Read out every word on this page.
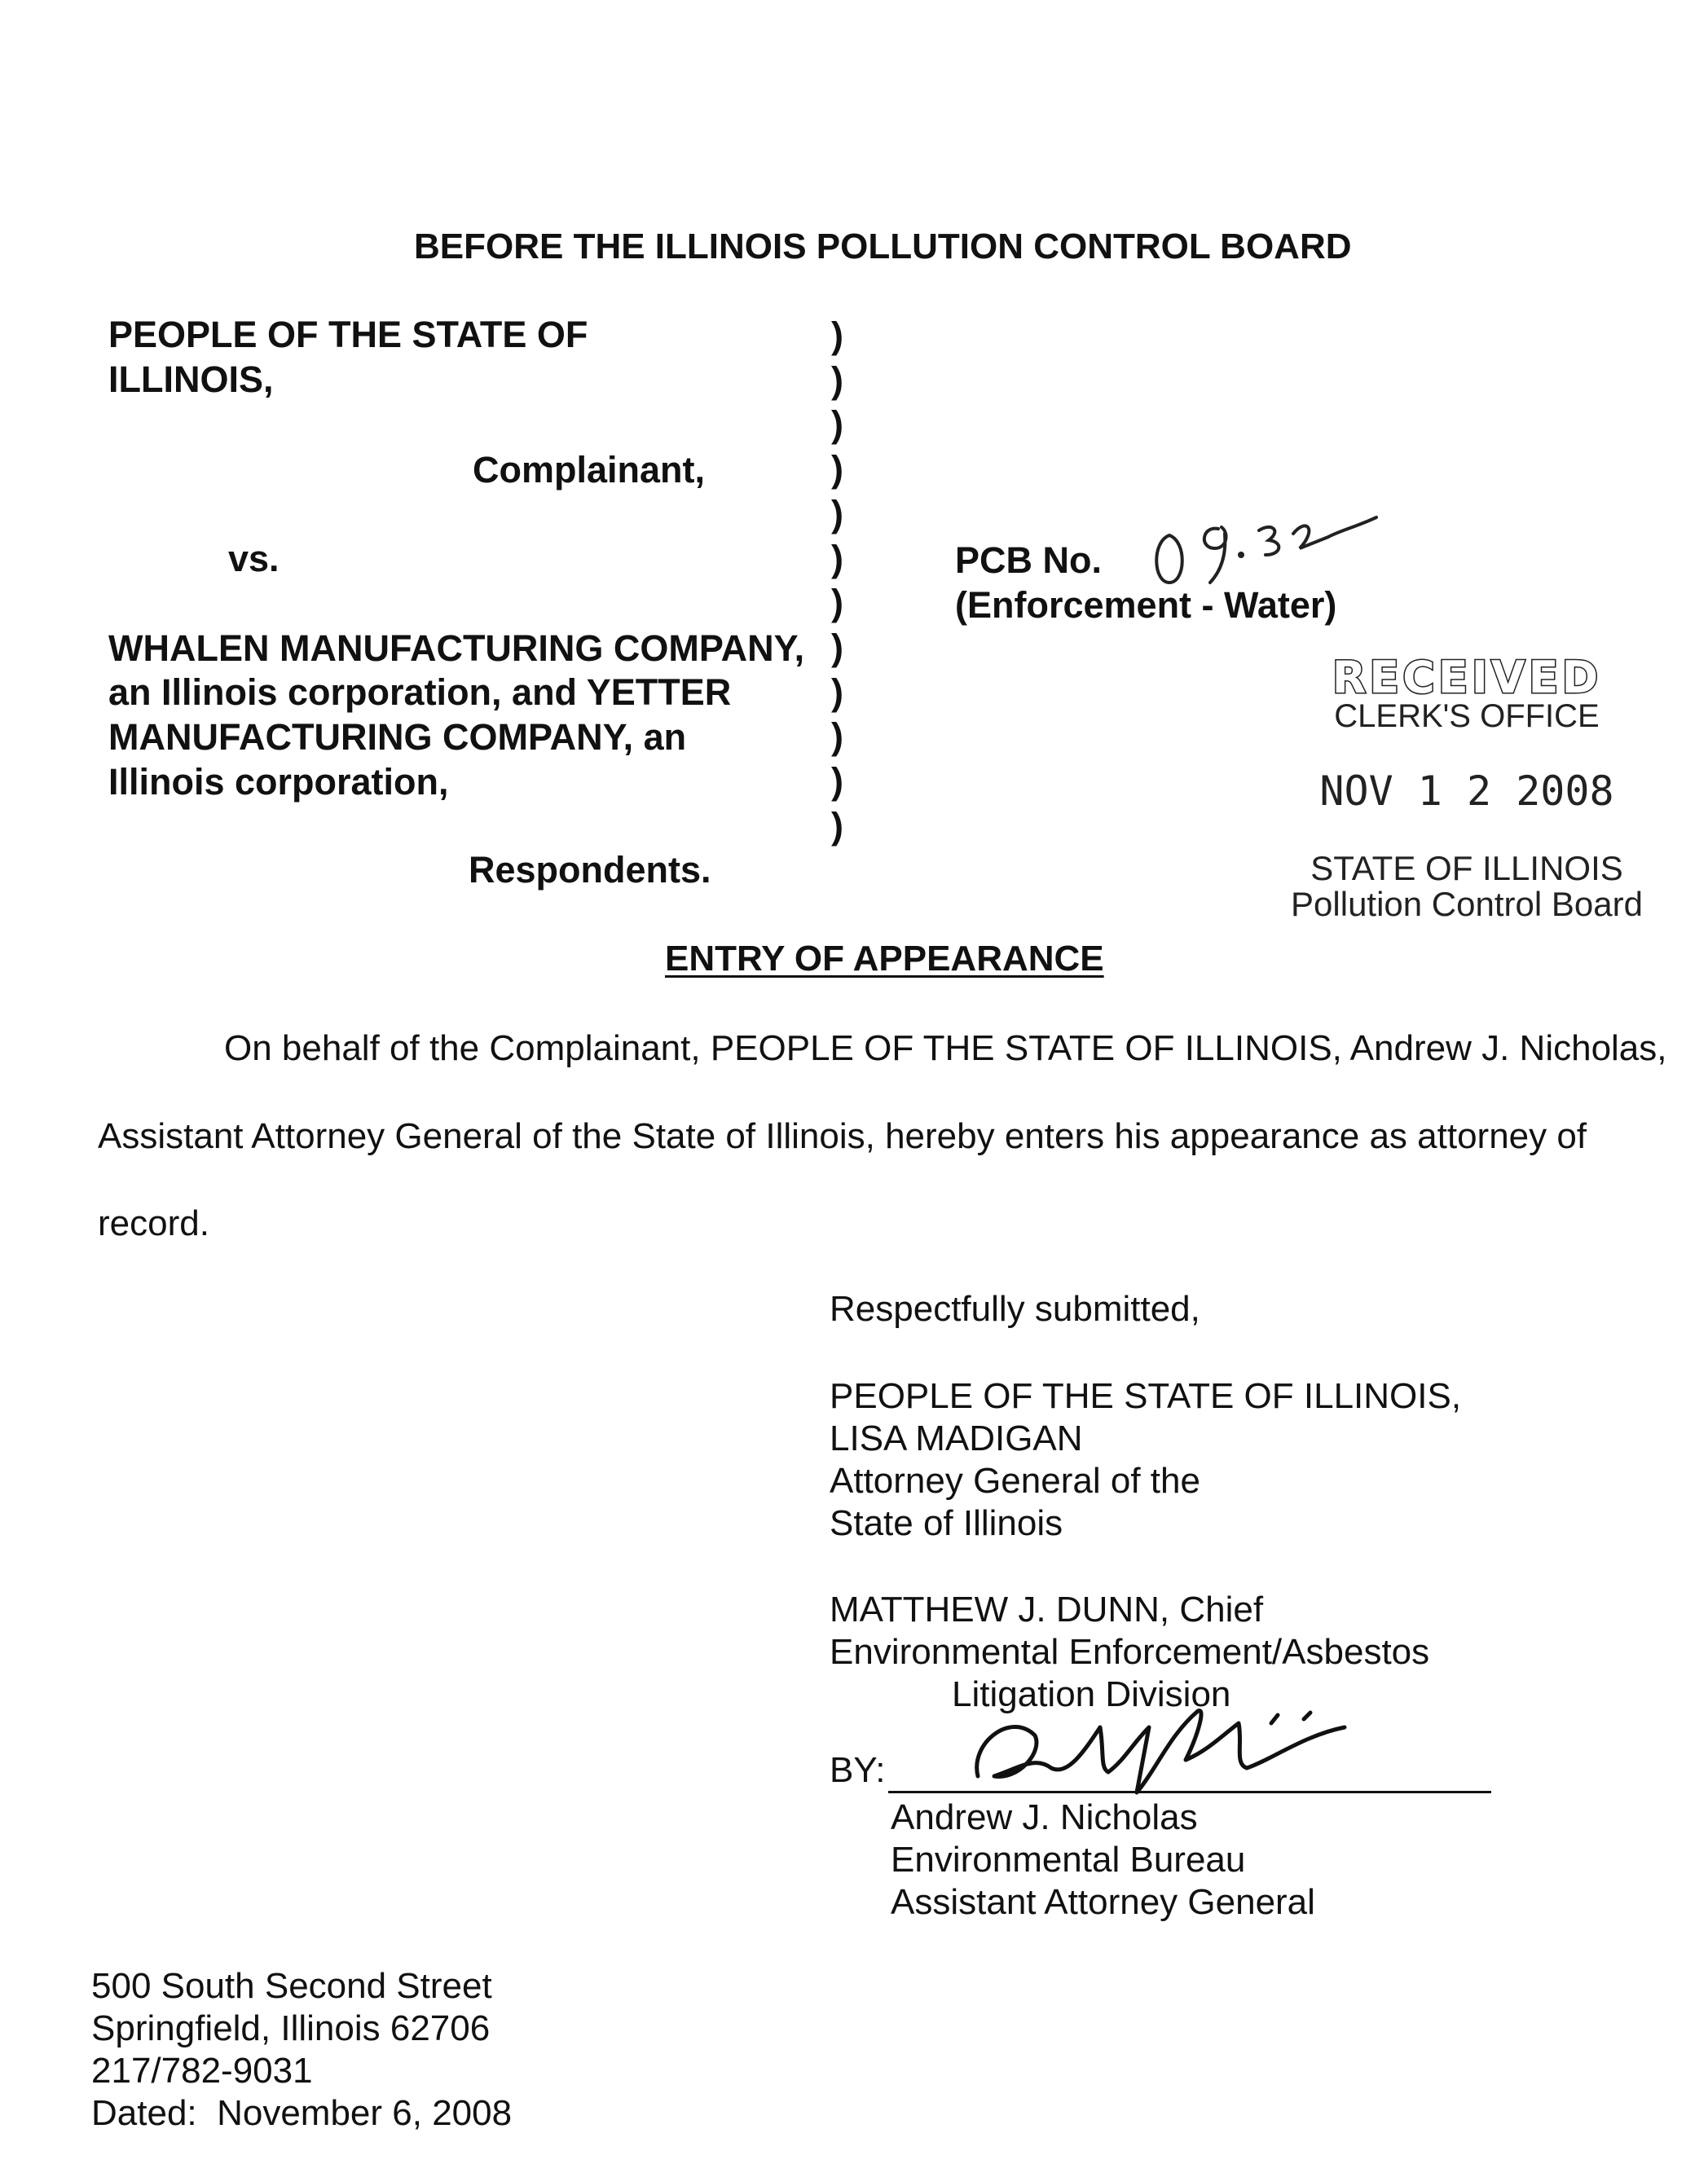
BEFORE THE ILLINOIS POLLUTION CONTROL BOARD
PEOPLE OF THE STATE OF
ILLINOIS,
Complainant,
vs.
WHALEN MANUFACTURING COMPANY,
an Illinois corporation, and YETTER
MANUFACTURING COMPANY, an
Illinois corporation,
Respondents.
)
)
)
)
)
)
)
)
)
)
)
)
PCB No.
(Enforcement - Water)
RECEIVED
CLERK'S OFFICE
NOV 1 2 2008
STATE OF ILLINOIS
Pollution Control Board
ENTRY OF APPEARANCE
On behalf of the Complainant, PEOPLE OF THE STATE OF ILLINOIS, Andrew J. Nicholas,
Assistant Attorney General of the State of Illinois, hereby enters his appearance as attorney of
record.
Respectfully submitted,
PEOPLE OF THE STATE OF ILLINOIS,
LISA MADIGAN
Attorney General of the
State of Illinois
MATTHEW J. DUNN, Chief
Environmental Enforcement/Asbestos
Litigation Division
BY:
Andrew J. Nicholas
Environmental Bureau
Assistant Attorney General
500 South Second Street
Springfield, Illinois 62706
217/782-9031
Dated:  November 6, 2008
